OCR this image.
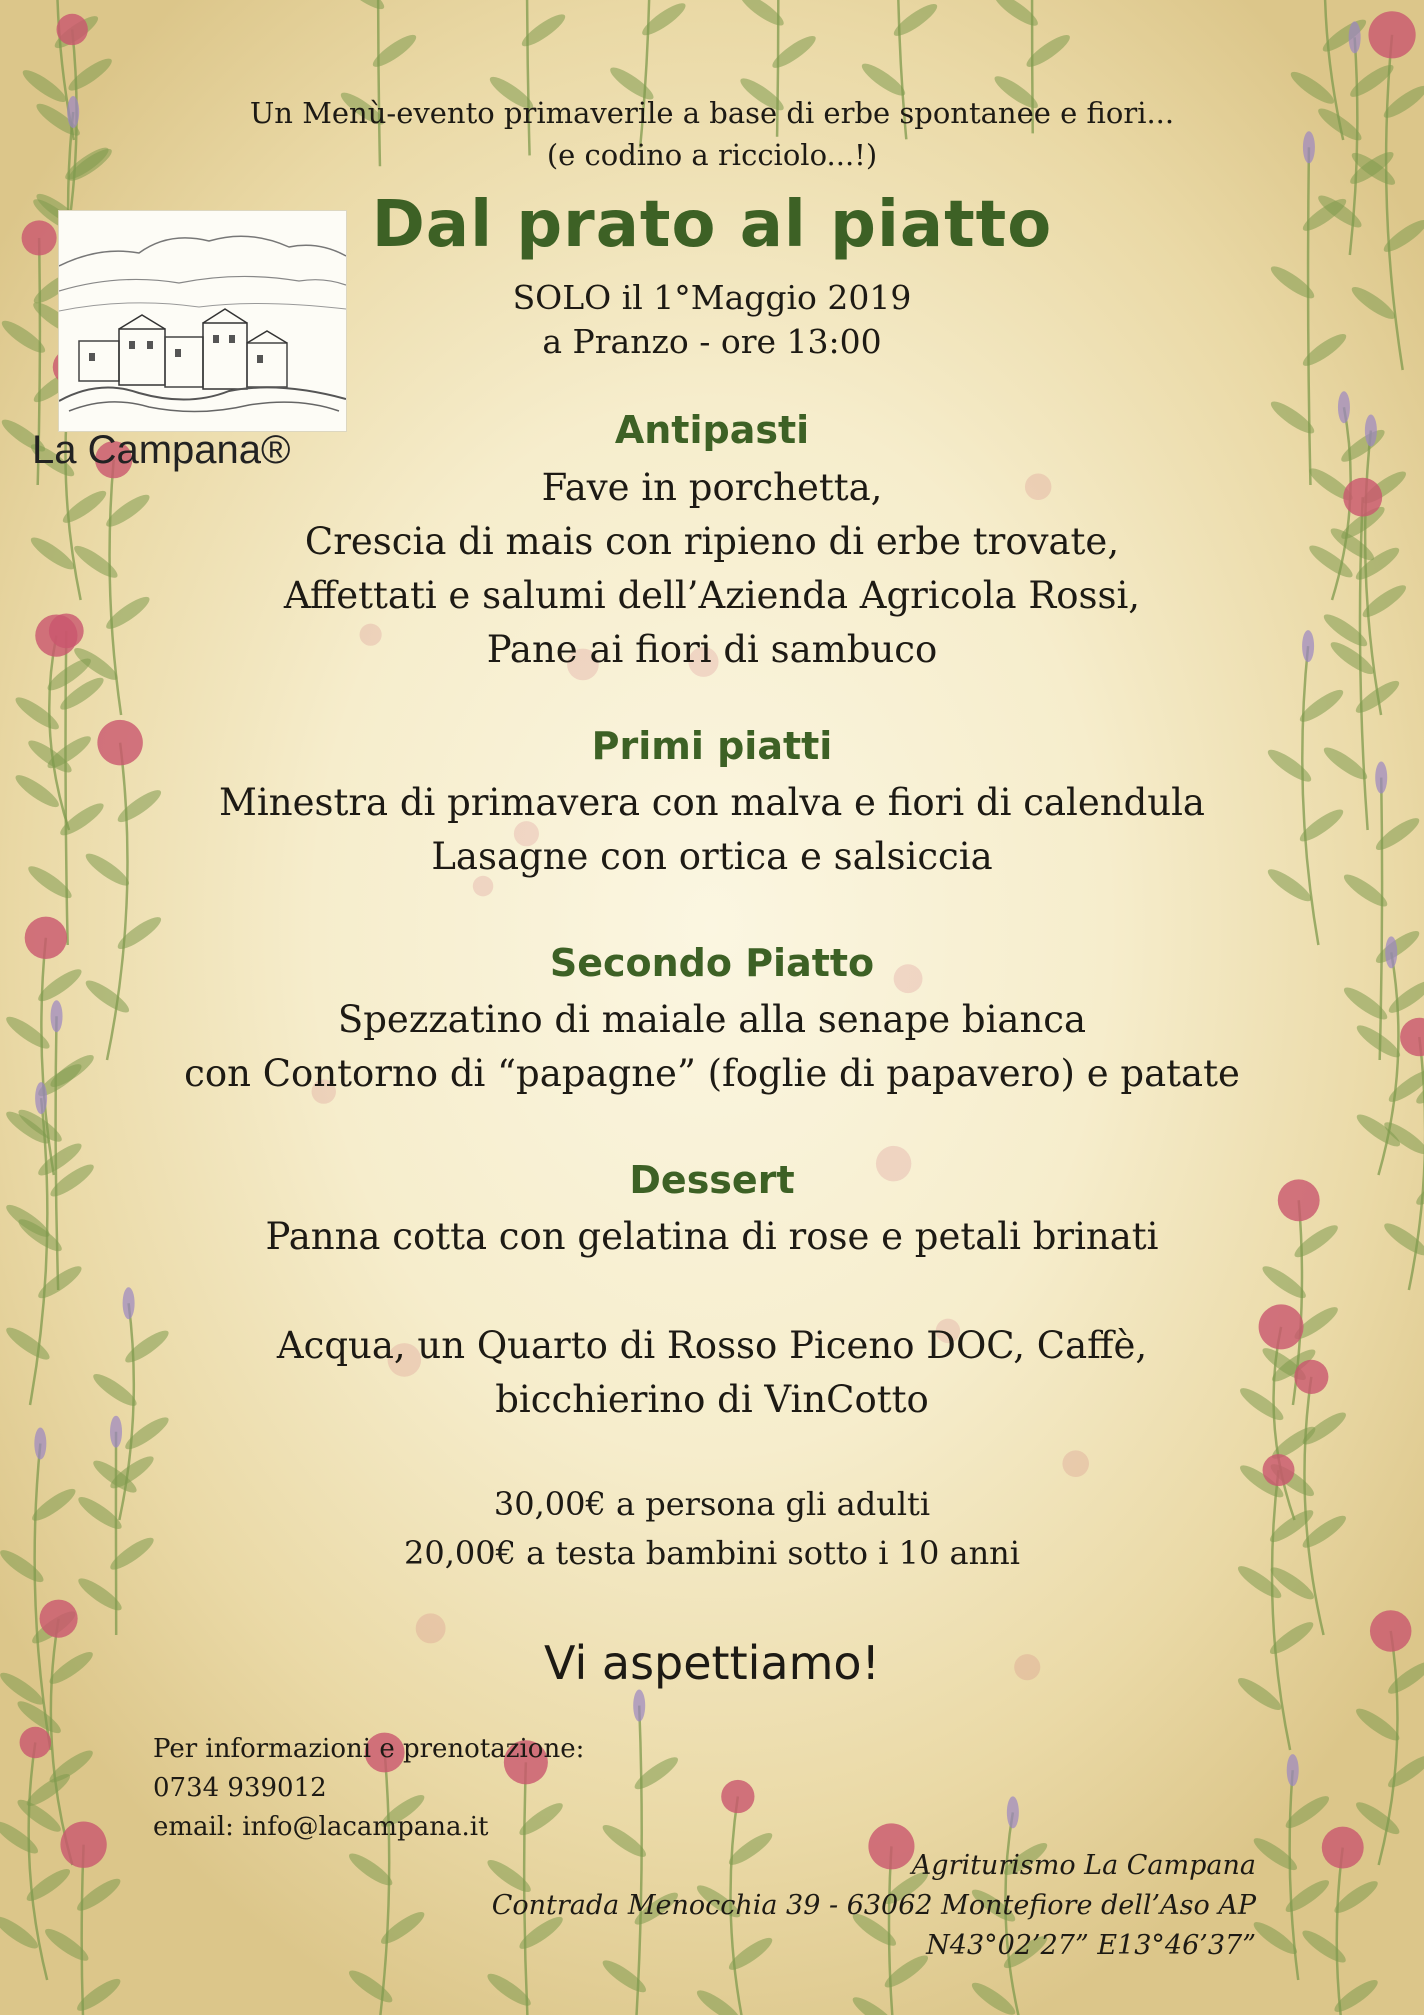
Un Menù-evento primaverile a base di erbe spontanee e fiori...
(e codino a ricciolo...!)
Dal prato al piatto
SOLO il 1°Maggio 2019
a Pranzo - ore 13:00
La Campana®	Antipasti
Fave in porchetta,
Crescia di mais con ripieno di erbe trovate,
Affettati e salumi dell’Azienda Agricola Rossi,
Pane ai fiori di sambuco
Primi piatti
Minestra di primavera con malva e fiori di calendula
Lasagne con ortica e salsiccia
Secondo Piatto
Spezzatino di maiale alla senape bianca
con Contorno di “papagne” (foglie di papavero) e patate
Dessert
Panna cotta con gelatina di rose e petali brinati
Acqua, un Quarto di Rosso Piceno DOC, Caffè,
bicchierino di VinCotto
30,00€ a persona gli adulti
20,00€ a testa bambini sotto i 10 anni
Vi aspettiamo!
Per informazioni e prenotazione:
0734 939012
email: info@lacampana.it
Agriturismo La Campana
Contrada Menocchia 39 - 63062 Montefiore dell’Aso AP
N43°02’27” E13°46’37”
